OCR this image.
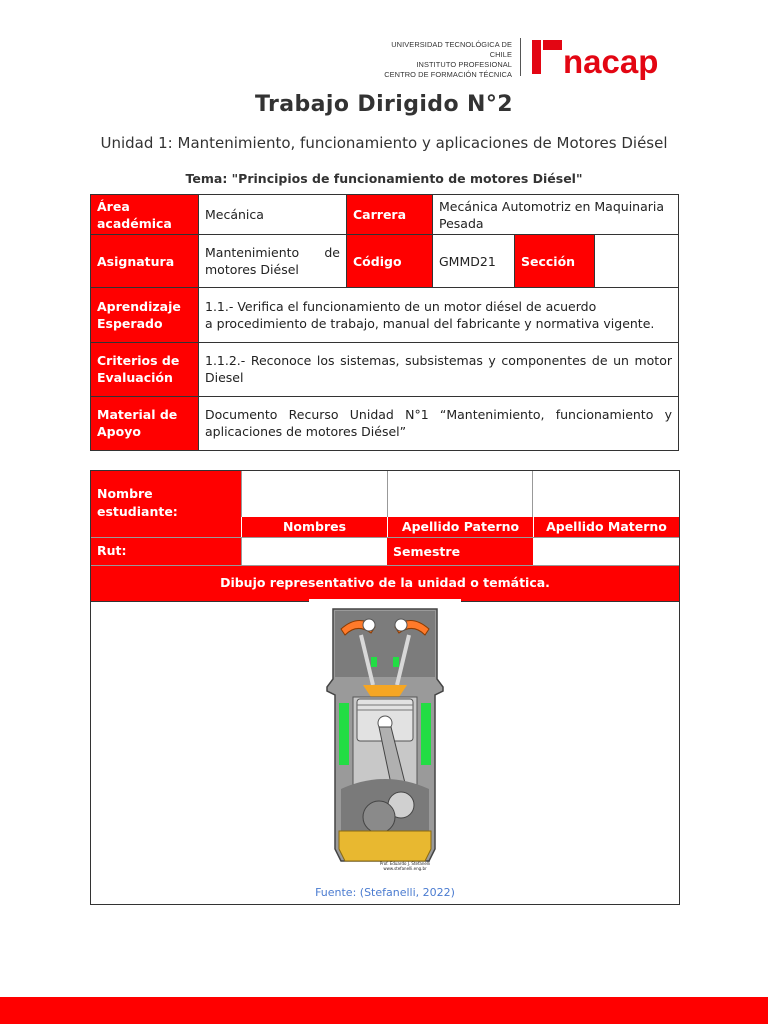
UNIVERSIDAD TECNOLÓGICA DE CHILE
INSTITUTO PROFESIONAL
CENTRO DE FORMACIÓN TÉCNICA nacap
Trabajo Dirigido N°2
Unidad 1: Mantenimiento, funcionamiento y aplicaciones de Motores Diésel
Tema: "Principios de funcionamiento de motores Diésel"
Área académica	Mecánica	Carrera	Mecánica Automotriz en Maquinaria Pesada		
Asignatura	Mantenimiento de motores Diésel	Código	GMMD21	Sección	
Aprendizaje Esperado	1.1.- Verifica el funcionamiento de un motor diésel de acuerdo
a procedimiento de trabajo, manual del fabricante y normativa vigente.				

Criterios de Evaluación	1.1.2.- Reconoce los sistemas, subsistemas y componentes de un motor Diesel				
Material de Apoyo	Documento Recurso Unidad N°1 “Mantenimiento, funcionamiento y aplicaciones de motores Diésel”				
Nombre estudiante:
Nombres	Apellido Paterno	Apellido Materno
Rut:	Semestre
Dibujo representativo de la unidad o temática.
Prof. Eduardo J. Stefanelli
www.stefanelli.eng.br
Fuente: (Stefanelli, 2022)
